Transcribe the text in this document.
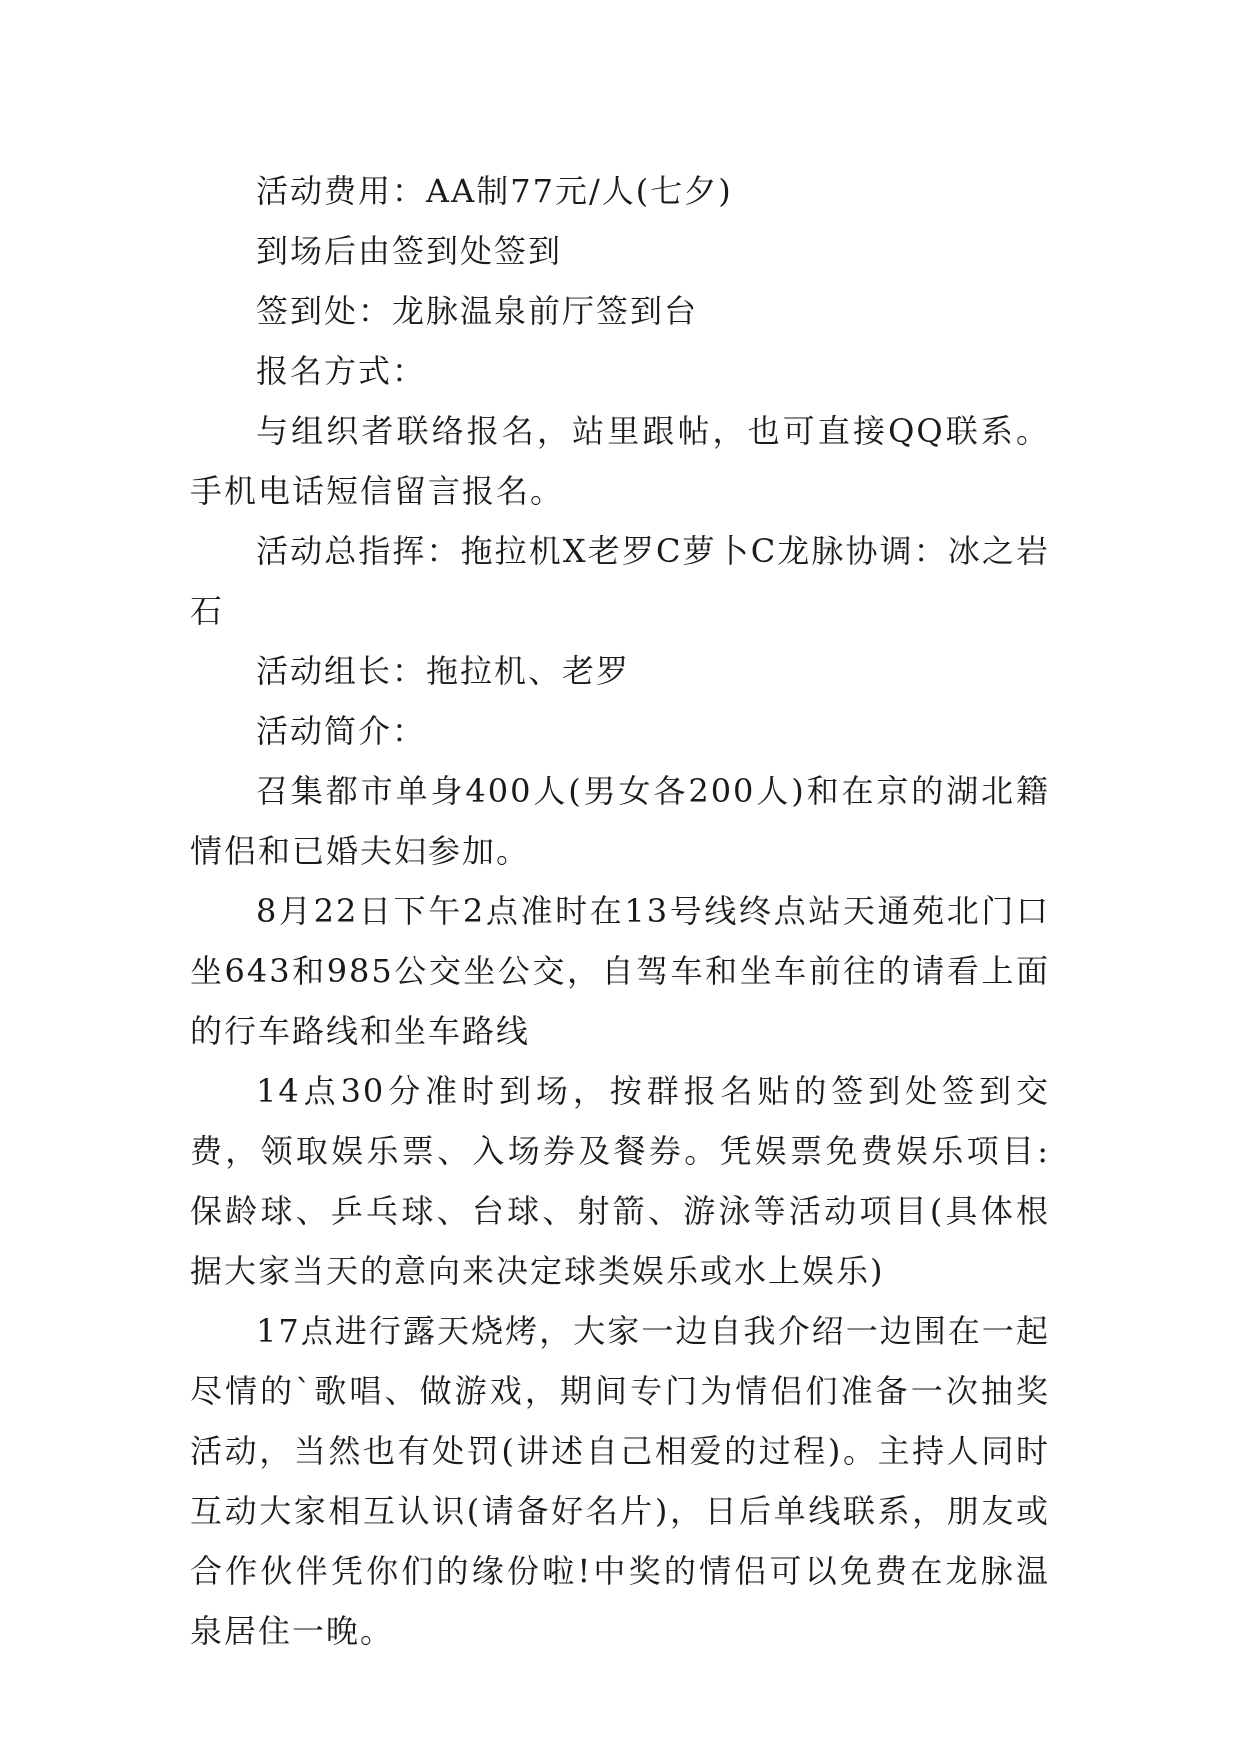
活动费用：AA制77元/人(七夕)

到场后由签到处签到

签到处：龙脉温泉前厅签到台

报名方式：

与组织者联络报名，站里跟帖，也可直接QQ联系。手机电话短信留言报名。

活动总指挥：拖拉机X老罗C萝卜C龙脉协调：冰之岩石

活动组长：拖拉机、老罗

活动简介：

召集都市单身400人(男女各200人)和在京的湖北籍情侣和已婚夫妇参加。

8月22日下午2点准时在13号线终点站天通苑北门口坐643和985公交坐公交，自驾车和坐车前往的请看上面的行车路线和坐车路线

14点30分准时到场，按群报名贴的签到处签到交费，领取娱乐票、入场券及餐券。凭娱票免费娱乐项目:保龄球、乒乓球、台球、射箭、游泳等活动项目(具体根据大家当天的意向来决定球类娱乐或水上娱乐)

17点进行露天烧烤，大家一边自我介绍一边围在一起尽情的`歌唱、做游戏，期间专门为情侣们准备一次抽奖活动，当然也有处罚(讲述自己相爱的过程)。主持人同时互动大家相互认识(请备好名片)，日后单线联系，朋友或合作伙伴凭你们的缘份啦!中奖的情侣可以免费在龙脉温泉居住一晚。
